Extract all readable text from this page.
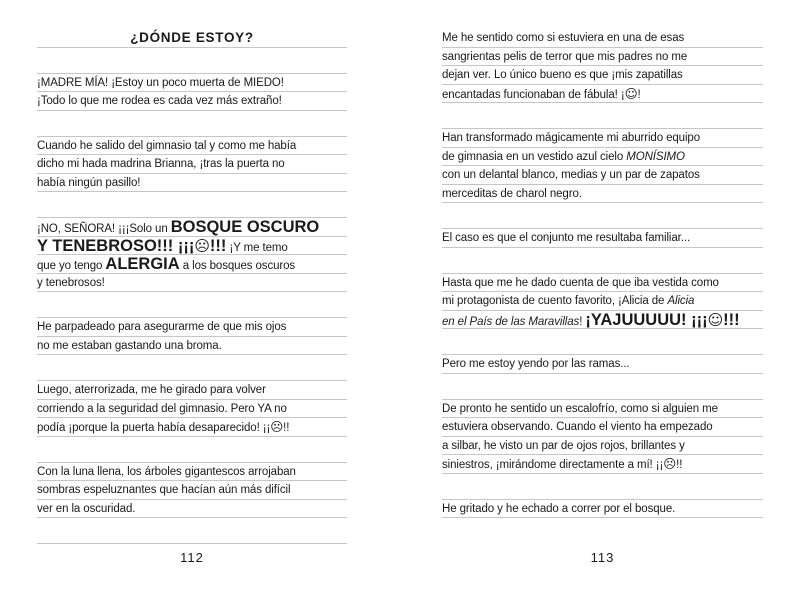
¿DÓNDE ESTOY?
¡MADRE MÍA! ¡Estoy un poco muerta de MIEDO!
¡Todo lo que me rodea es cada vez más extraño!
Cuando he salido del gimnasio tal y como me había
dicho mi hada madrina Brianna, ¡tras la puerta no
había ningún pasillo!
¡NO, SEÑORA! ¡¡¡Solo un BOSQUE OSCURO
Y TENEBROSO!!! ¡¡¡☹!!! ¡Y me temo
que yo tengo ALERGIA a los bosques oscuros
y tenebrosos!
He parpadeado para asegurarme de que mis ojos
no me estaban gastando una broma.
Luego, aterrorizada, me he girado para volver
corriendo a la seguridad del gimnasio. Pero YA no
podía ¡porque la puerta había desaparecido! ¡¡☹!!
Con la luna llena, los árboles gigantescos arrojaban
sombras espeluznantes que hacían aún más difícil
ver en la oscuridad.
Me he sentido como si estuviera en una de esas
sangrientas pelis de terror que mis padres no me
dejan ver. Lo único bueno es que ¡mis zapatillas
encantadas funcionaban de fábula! ¡☺!
Han transformado mágicamente mi aburrido equipo
de gimnasia en un vestido azul cielo MONÍSIMO
con un delantal blanco, medias y un par de zapatos
merceditas de charol negro.
El caso es que el conjunto me resultaba familiar...
Hasta que me he dado cuenta de que iba vestida como
mi protagonista de cuento favorito, ¡Alicia de Alicia
en el País de las Maravillas! ¡YAJUUUUU! ¡¡¡☺!!!
Pero me estoy yendo por las ramas...
De pronto he sentido un escalofrío, como si alguien me
estuviera observando. Cuando el viento ha empezado
a silbar, he visto un par de ojos rojos, brillantes y
siniestros, ¡mirándome directamente a mí! ¡¡☹!!
He gritado y he echado a correr por el bosque.
112	113
